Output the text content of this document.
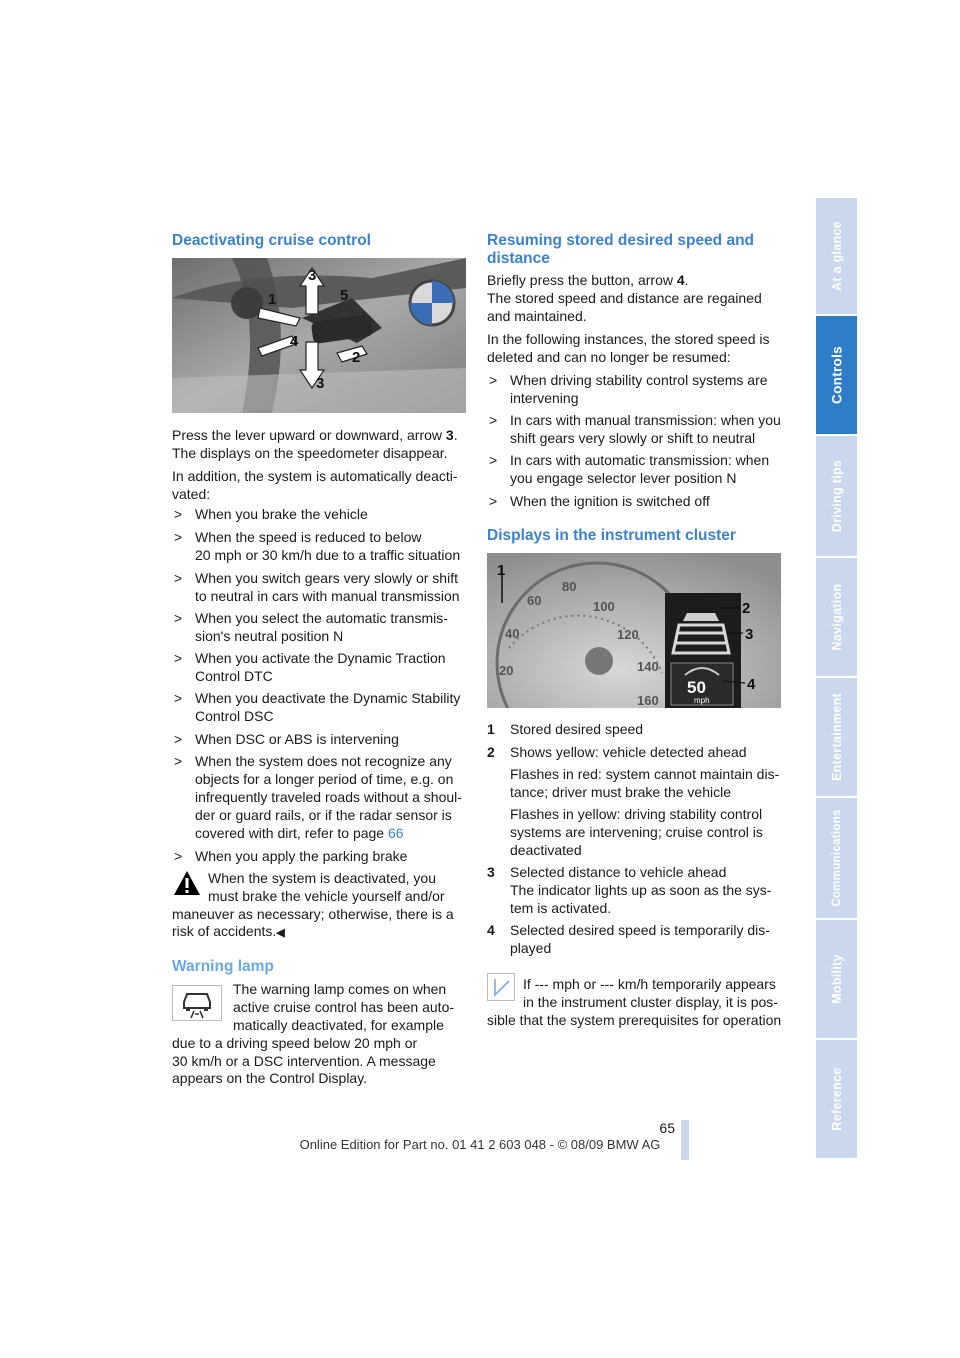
Deactivating cruise control
3
1	5
4
2
3

Press the lever upward or downward, arrow 3.

The displays on the speedometer disappear.

In addition, the system is automatically deacti-

vated:

> When you brake the vehicle
> When the speed is reduced to below
20 mph or 30 km/h due to a traffic situation
> When you switch gears very slowly or shift
to neutral in cars with manual transmission
> When you select the automatic transmis-
sion's neutral position N
> When you activate the Dynamic Traction
Control DTC
> When you deactivate the Dynamic Stability
Control DSC
> When DSC or ABS is intervening
> When the system does not recognize any
objects for a longer period of time, e.g. on
infrequently traveled roads without a shoul-
der or guard rails, or if the radar sensor is
covered with dirt, refer to page 66
> When you apply the parking brake

When the system is deactivated, you

must brake the vehicle yourself and/or

maneuver as necessary; otherwise, there is a

risk of accidents.◀

Warning lamp

The warning lamp comes on when

active cruise control has been auto-

matically deactivated, for example

due to a driving speed below 20 mph or

30 km/h or a DSC intervention. A message

appears on the Control Display.

Resuming stored desired speed and
distance

Briefly press the button, arrow 4.

The stored speed and distance are regained
and maintained.

In the following instances, the stored speed is
deleted and can no longer be resumed:

> When driving stability control systems are
intervening
> In cars with manual transmission: when you
shift gears very slowly or shift to neutral
> In cars with automatic transmission: when
you engage selector lever position N
> When the ignition is switched off
Displays in the instrument cluster
40
60
80
100
120
140
160
20
50
mph
1
2
3
4
1 Stored desired speed
2 Shows yellow: vehicle detected ahead
Flashes in red: system cannot maintain dis-
tance; driver must brake the vehicle
Flashes in yellow: driving stability control
systems are intervening; cruise control is
deactivated
3 Selected distance to vehicle ahead
The indicator lights up as soon as the sys-
tem is activated.
4 Selected desired speed is temporarily dis-
played

If --- mph or --- km/h temporarily appears

in the instrument cluster display, it is pos-

sible that the system prerequisites for operation

At a glance
Controls
Driving tips
Navigation
Entertainment
Communications
Mobility
Reference
65
Online Edition for Part no. 01 41 2 603 048 - © 08/09 BMW AG
